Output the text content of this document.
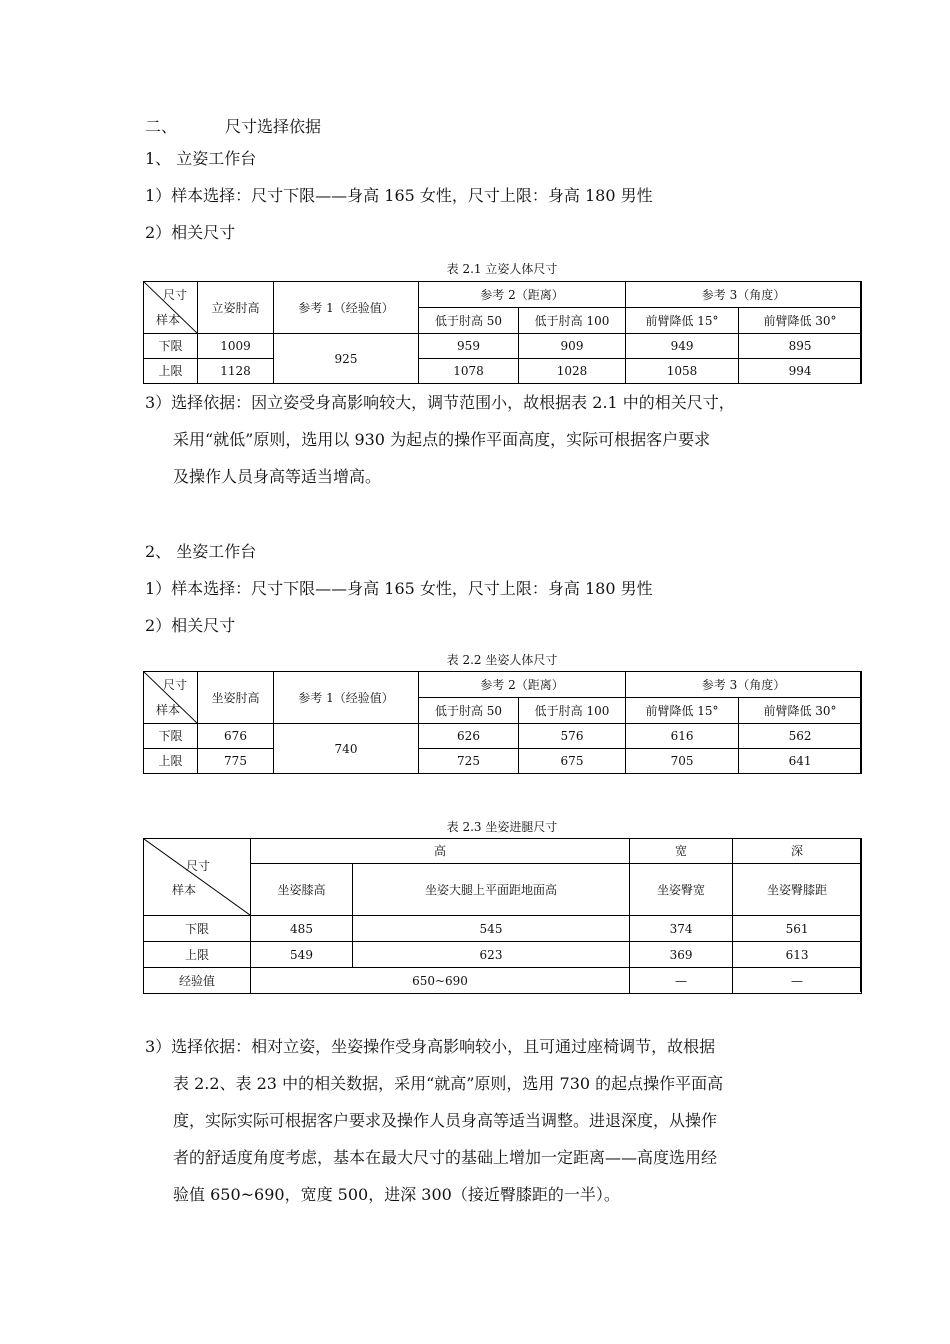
二、	尺寸选择依据
1、 立姿工作台
1）样本选择：尺寸下限——身高 165 女性，尺寸上限：身高 180 男性
2）相关尺寸
表 2.1 立姿人体尺寸
尺寸
样本	立姿肘高	参考 1（经验值）	参考 2（距离）		参考 3（角度）	
			低于肘高 50	低于肘高 100	前臂降低 15°	前臂降低 30°
下限	1009	925	959	909	949	895
上限	1128		1078	1028	1058	994
3）选择依据：因立姿受身高影响较大，调节范围小，故根据表 2.1 中的相关尺寸，
采用“就低”原则，选用以 930 为起点的操作平面高度，实际可根据客户要求
及操作人员身高等适当增高。
2、 坐姿工作台
1）样本选择：尺寸下限——身高 165 女性，尺寸上限：身高 180 男性
2）相关尺寸
表 2.2 坐姿人体尺寸
尺寸
样本	坐姿肘高	参考 1（经验值）	参考 2（距离）		参考 3（角度）	
			低于肘高 50	低于肘高 100	前臂降低 15°	前臂降低 30°
下限	676	740	626	576	616	562
上限	775		725	675	705	641
表 2.3 坐姿进腿尺寸
尺寸
样本	高		宽	深
	坐姿膝高	坐姿大腿上平面距地面高	坐姿臀宽	坐姿臀膝距
下限	485	545	374	561
上限	549	623	369	613
经验值	650~690		—	—
3）选择依据：相对立姿，坐姿操作受身高影响较小，且可通过座椅调节，故根据
表 2.2、表 23 中的相关数据，采用“就高”原则，选用 730 的起点操作平面高
度，实际实际可根据客户要求及操作人员身高等适当调整。进退深度，从操作
者的舒适度角度考虑，基本在最大尺寸的基础上增加一定距离——高度选用经
验值 650~690，宽度 500，进深 300（接近臀膝距的一半）。
